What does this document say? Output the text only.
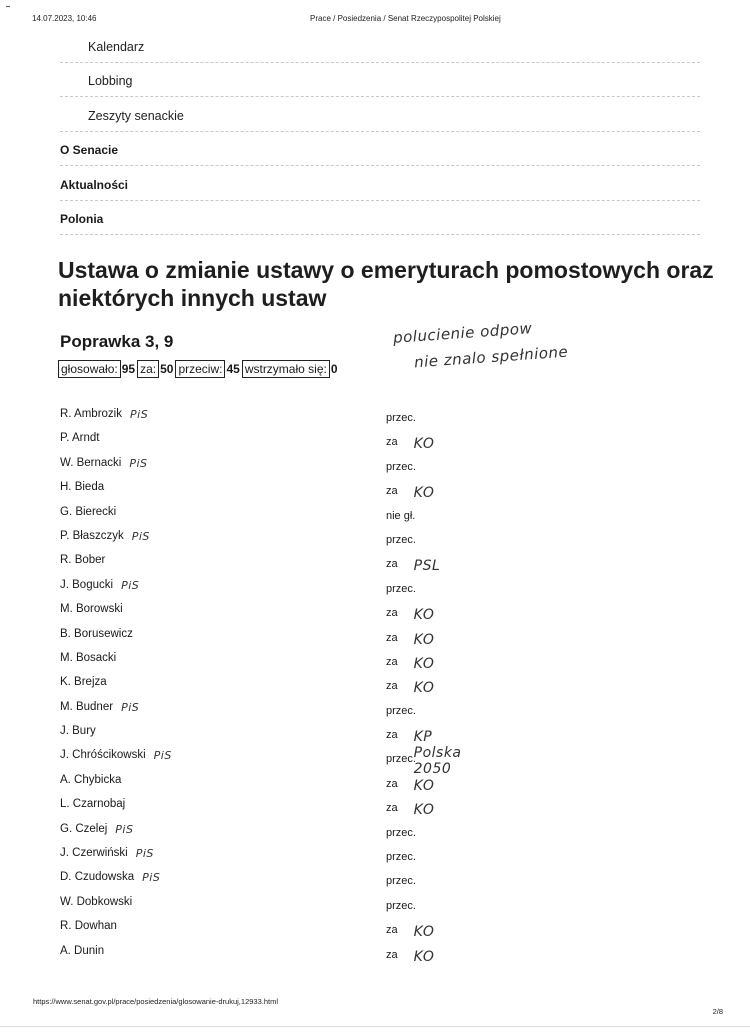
14.07.2023, 10:46	Prace / Posiedzenia / Senat Rzeczypospolitej Polskiej
Kalendarz
Lobbing
Zeszyty senackie
O Senacie
Aktualności
Polonia
Ustawa o zmianie ustawy o emeryturach pomostowych oraz niektórych innych ustaw
Poprawka 3, 9	polucienie odpow
nie znalo spełnione
głosowało: 95 za: 50 przeciw: 45 wstrzymało się: 0
R. Ambrozik PiS	przec.
P. Arndt	za KO
W. Bernacki PiS	przec.
H. Bieda	za KO
G. Bierecki	nie gł.
P. Błaszczyk PiS	przec.
R. Bober	za PSL
J. Bogucki PiS	przec.
M. Borowski	za KO
B. Borusewicz	za KO
M. Bosacki	za KO
K. Brejza	za KO
M. Budner PiS	przec.
J. Bury	za KP Polska 2050
J. Chróścikowski PiS	przec.
A. Chybicka	za KO
L. Czarnobaj	za KO
G. Czelej PiS	przec.
J. Czerwiński PiS	przec.
D. Czudowska PiS	przec.
W. Dobkowski	przec.
R. Dowhan	za KO
A. Dunin	za KO
https://www.senat.gov.pl/prace/posiedzenia/glosowanie-drukuj,12933.html
2/8
